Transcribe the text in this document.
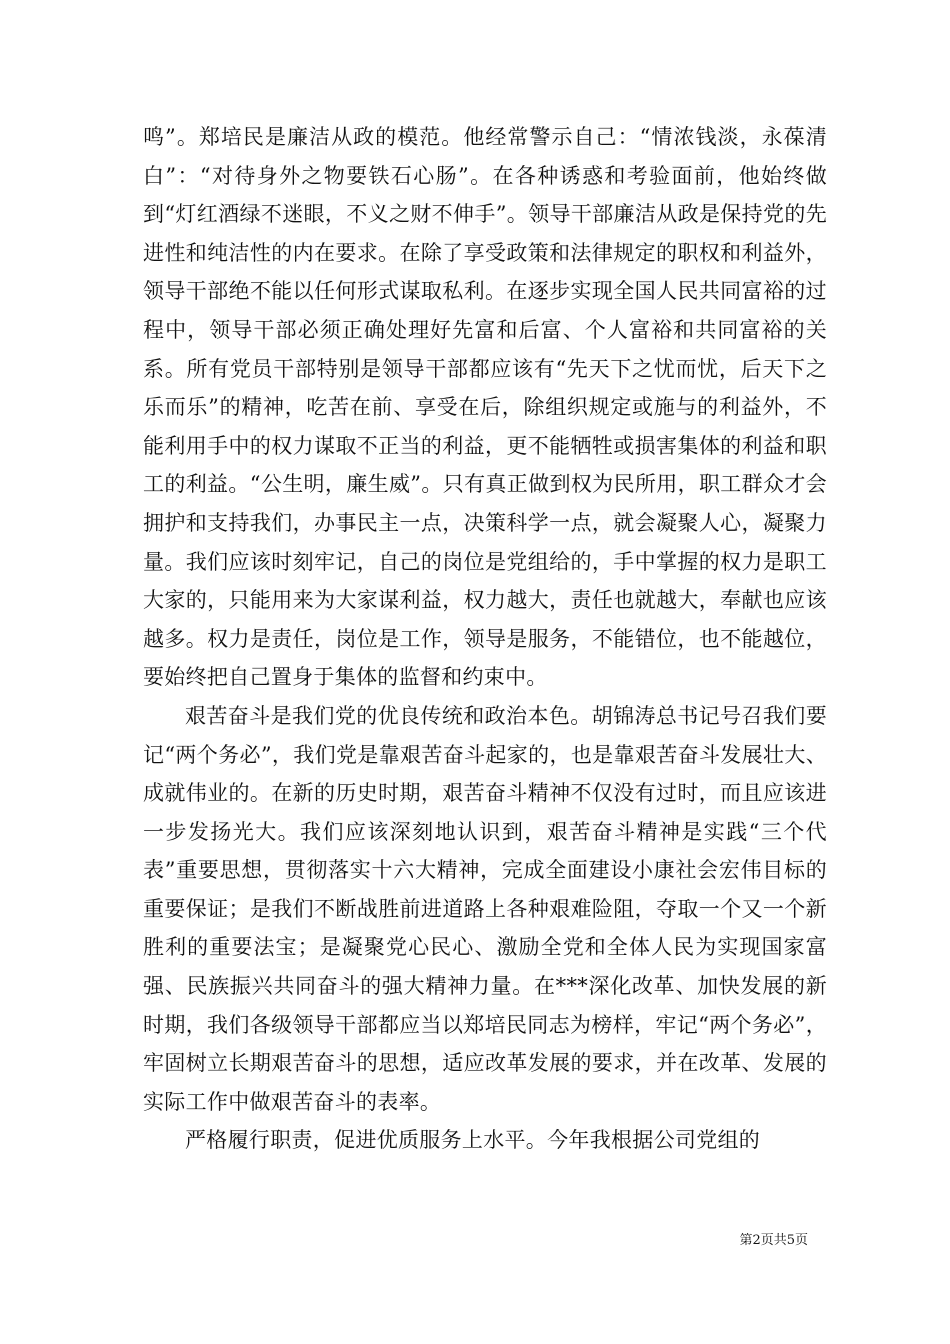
鸣”。郑培民是廉洁从政的模范。他经常警示自己：“情浓钱淡，永葆清白”：“对待身外之物要铁石心肠”。在各种诱惑和考验面前，他始终做到“灯红酒绿不迷眼，不义之财不伸手”。领导干部廉洁从政是保持党的先进性和纯洁性的内在要求。在除了享受政策和法律规定的职权和利益外，领导干部绝不能以任何形式谋取私利。在逐步实现全国人民共同富裕的过程中，领导干部必须正确处理好先富和后富、个人富裕和共同富裕的关系。所有党员干部特别是领导干部都应该有“先天下之忧而忧，后天下之乐而乐”的精神，吃苦在前、享受在后，除组织规定或施与的利益外，不能利用手中的权力谋取不正当的利益，更不能牺牲或损害集体的利益和职工的利益。“公生明，廉生威”。只有真正做到权为民所用，职工群众才会拥护和支持我们，办事民主一点，决策科学一点，就会凝聚人心，凝聚力量。我们应该时刻牢记，自己的岗位是党组给的，手中掌握的权力是职工大家的，只能用来为大家谋利益，权力越大，责任也就越大，奉献也应该越多。权力是责任，岗位是工作，领导是服务，不能错位，也不能越位，要始终把自己置身于集体的监督和约束中。

艰苦奋斗是我们党的优良传统和政治本色。胡锦涛总书记号召我们要记“两个务必”，我们党是靠艰苦奋斗起家的，也是靠艰苦奋斗发展壮大、成就伟业的。在新的历史时期，艰苦奋斗精神不仅没有过时，而且应该进一步发扬光大。我们应该深刻地认识到，艰苦奋斗精神是实践“三个代表”重要思想，贯彻落实十六大精神，完成全面建设小康社会宏伟目标的重要保证；是我们不断战胜前进道路上各种艰难险阻，夺取一个又一个新胜利的重要法宝；是凝聚党心民心、激励全党和全体人民为实现国家富强、民族振兴共同奋斗的强大精神力量。在***深化改革、加快发展的新时期，我们各级领导干部都应当以郑培民同志为榜样，牢记“两个务必”，牢固树立长期艰苦奋斗的思想，适应改革发展的要求，并在改革、发展的实际工作中做艰苦奋斗的表率。

严格履行职责，促进优质服务上水平。今年我根据公司党组的

第2页共5页
